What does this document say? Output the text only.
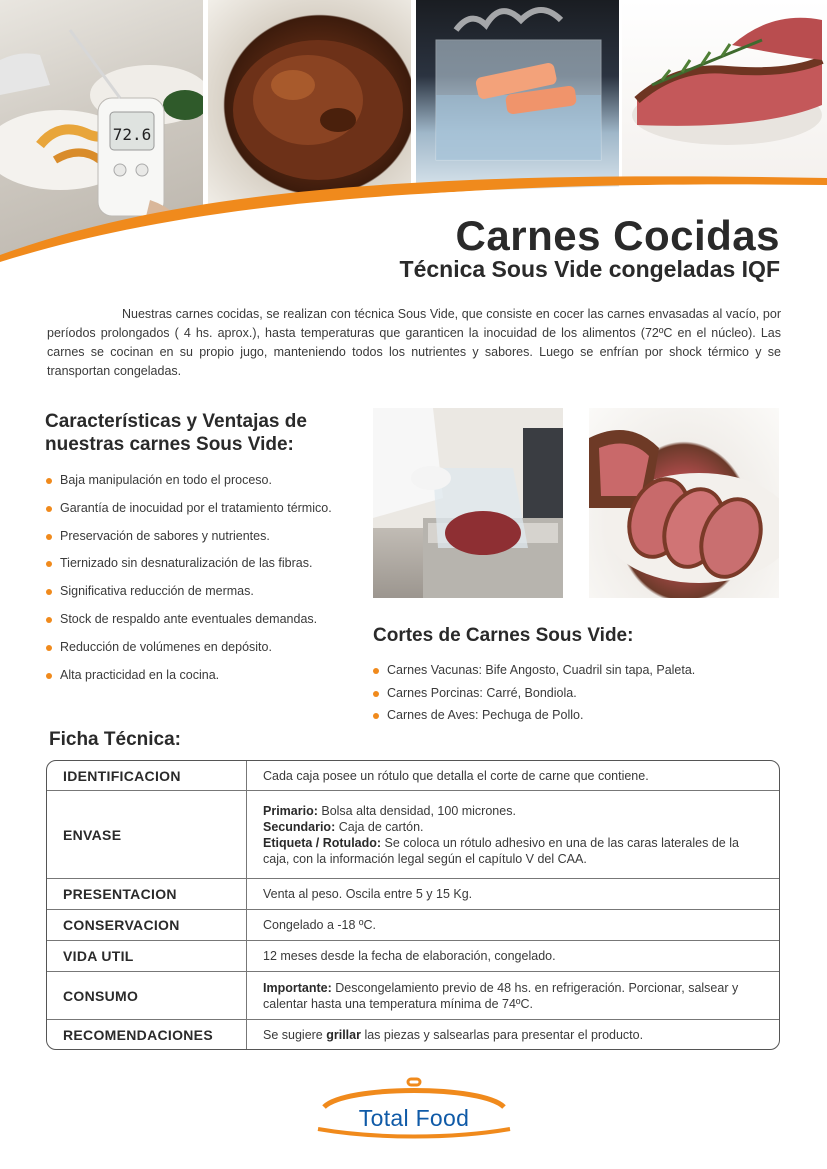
72.6
Carnes Cocidas
Técnica Sous Vide congeladas IQF

Nuestras carnes cocidas, se realizan con técnica Sous Vide, que consiste en cocer las carnes envasadas al vacío, por períodos prolongados ( 4 hs. aprox.), hasta temperaturas que garanticen la inocuidad de los alimentos (72ºC en el núcleo). Las carnes se cocinan en su propio jugo, manteniendo todos los nutrientes y sabores. Luego se enfrían por shock térmico y se transportan congeladas.

Características y Ventajas de
nuestras carnes Sous Vide:
Baja manipulación en todo el proceso.
Garantía de inocuidad por el tratamiento térmico.
Preservación de sabores y nutrientes.
Tiernizado sin desnaturalización de las fibras.
Significativa reducción de mermas.
Stock de respaldo ante eventuales demandas.
Reducción de volúmenes en depósito.
Alta practicidad en la cocina.
Cortes de Carnes Sous Vide:
Carnes Vacunas: Bife Angosto, Cuadril sin tapa, Paleta.
Carnes Porcinas: Carré, Bondiola.
Carnes de Aves: Pechuga de Pollo.
Ficha Técnica:
IDENTIFICACION	Cada caja posee un rótulo que detalla el corte de carne que contiene.
ENVASE
Primario: Bolsa alta densidad, 100 micrones.
Secundario: Caja de cartón.
Etiqueta / Rotulado: Se coloca un rótulo adhesivo en una de las caras laterales de la caja, con la información legal según el capítulo V del CAA.
PRESENTACION	Venta al peso. Oscila entre 5 y 15 Kg.
CONSERVACION	Congelado a -18 ºC.
VIDA UTIL	12 meses desde la fecha de elaboración, congelado.
CONSUMO	Importante: Descongelamiento previo de 48 hs. en refrigeración. Porcionar, salsear y calentar hasta una temperatura mínima de 74ºC.
RECOMENDACIONES	Se sugiere grillar las piezas y salsearlas para presentar el producto.
Total Food
